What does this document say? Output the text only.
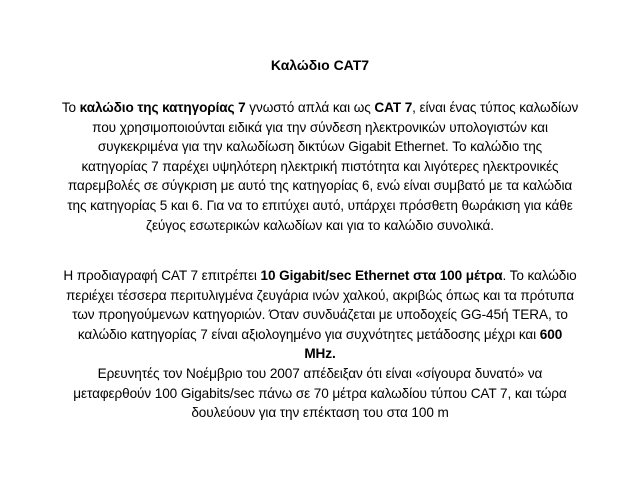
Καλώδιο CAT7
Το καλώδιο της κατηγορίας 7 γνωστό απλά και ως CAT 7, είναι ένας τύπος καλωδίων
που χρησιμοποιούνται ειδικά για την σύνδεση ηλεκτρονικών υπολογιστών και
συγκεκριμένα για την καλωδίωση δικτύων Gigabit Ethernet. Το καλώδιο της
κατηγορίας 7 παρέχει υψηλότερη ηλεκτρική πιστότητα και λιγότερες ηλεκτρονικές
παρεμβολές σε σύγκριση με αυτό της κατηγορίας 6, ενώ είναι συμβατό με τα καλώδια
της κατηγορίας 5 και 6. Για να το επιτύχει αυτό, υπάρχει πρόσθετη θωράκιση για κάθε
ζεύγος εσωτερικών καλωδίων και για το καλώδιο συνολικά.
Η προδιαγραφή CAT 7 επιτρέπει 10 Gigabit/sec Ethernet στα 100 μέτρα. Το καλώδιο
περιέχει τέσσερα περιτυλιγμένα ζευγάρια ινών χαλκού, ακριβώς όπως και τα πρότυπα
των προηγούμενων κατηγοριών. Όταν συνδυάζεται με υποδοχείς GG-45ή TERA, το
καλώδιο κατηγορίας 7 είναι αξιολογημένο για συχνότητες μετάδοσης μέχρι και 600
MHz.
Ερευνητές τον Νοέμβριο του 2007 απέδειξαν ότι είναι «σίγουρα δυνατό» να
μεταφερθούν 100 Gigabits/sec πάνω σε 70 μέτρα καλωδίου τύπου CAT 7, και τώρα
δουλεύουν για την επέκταση του στα 100 m
